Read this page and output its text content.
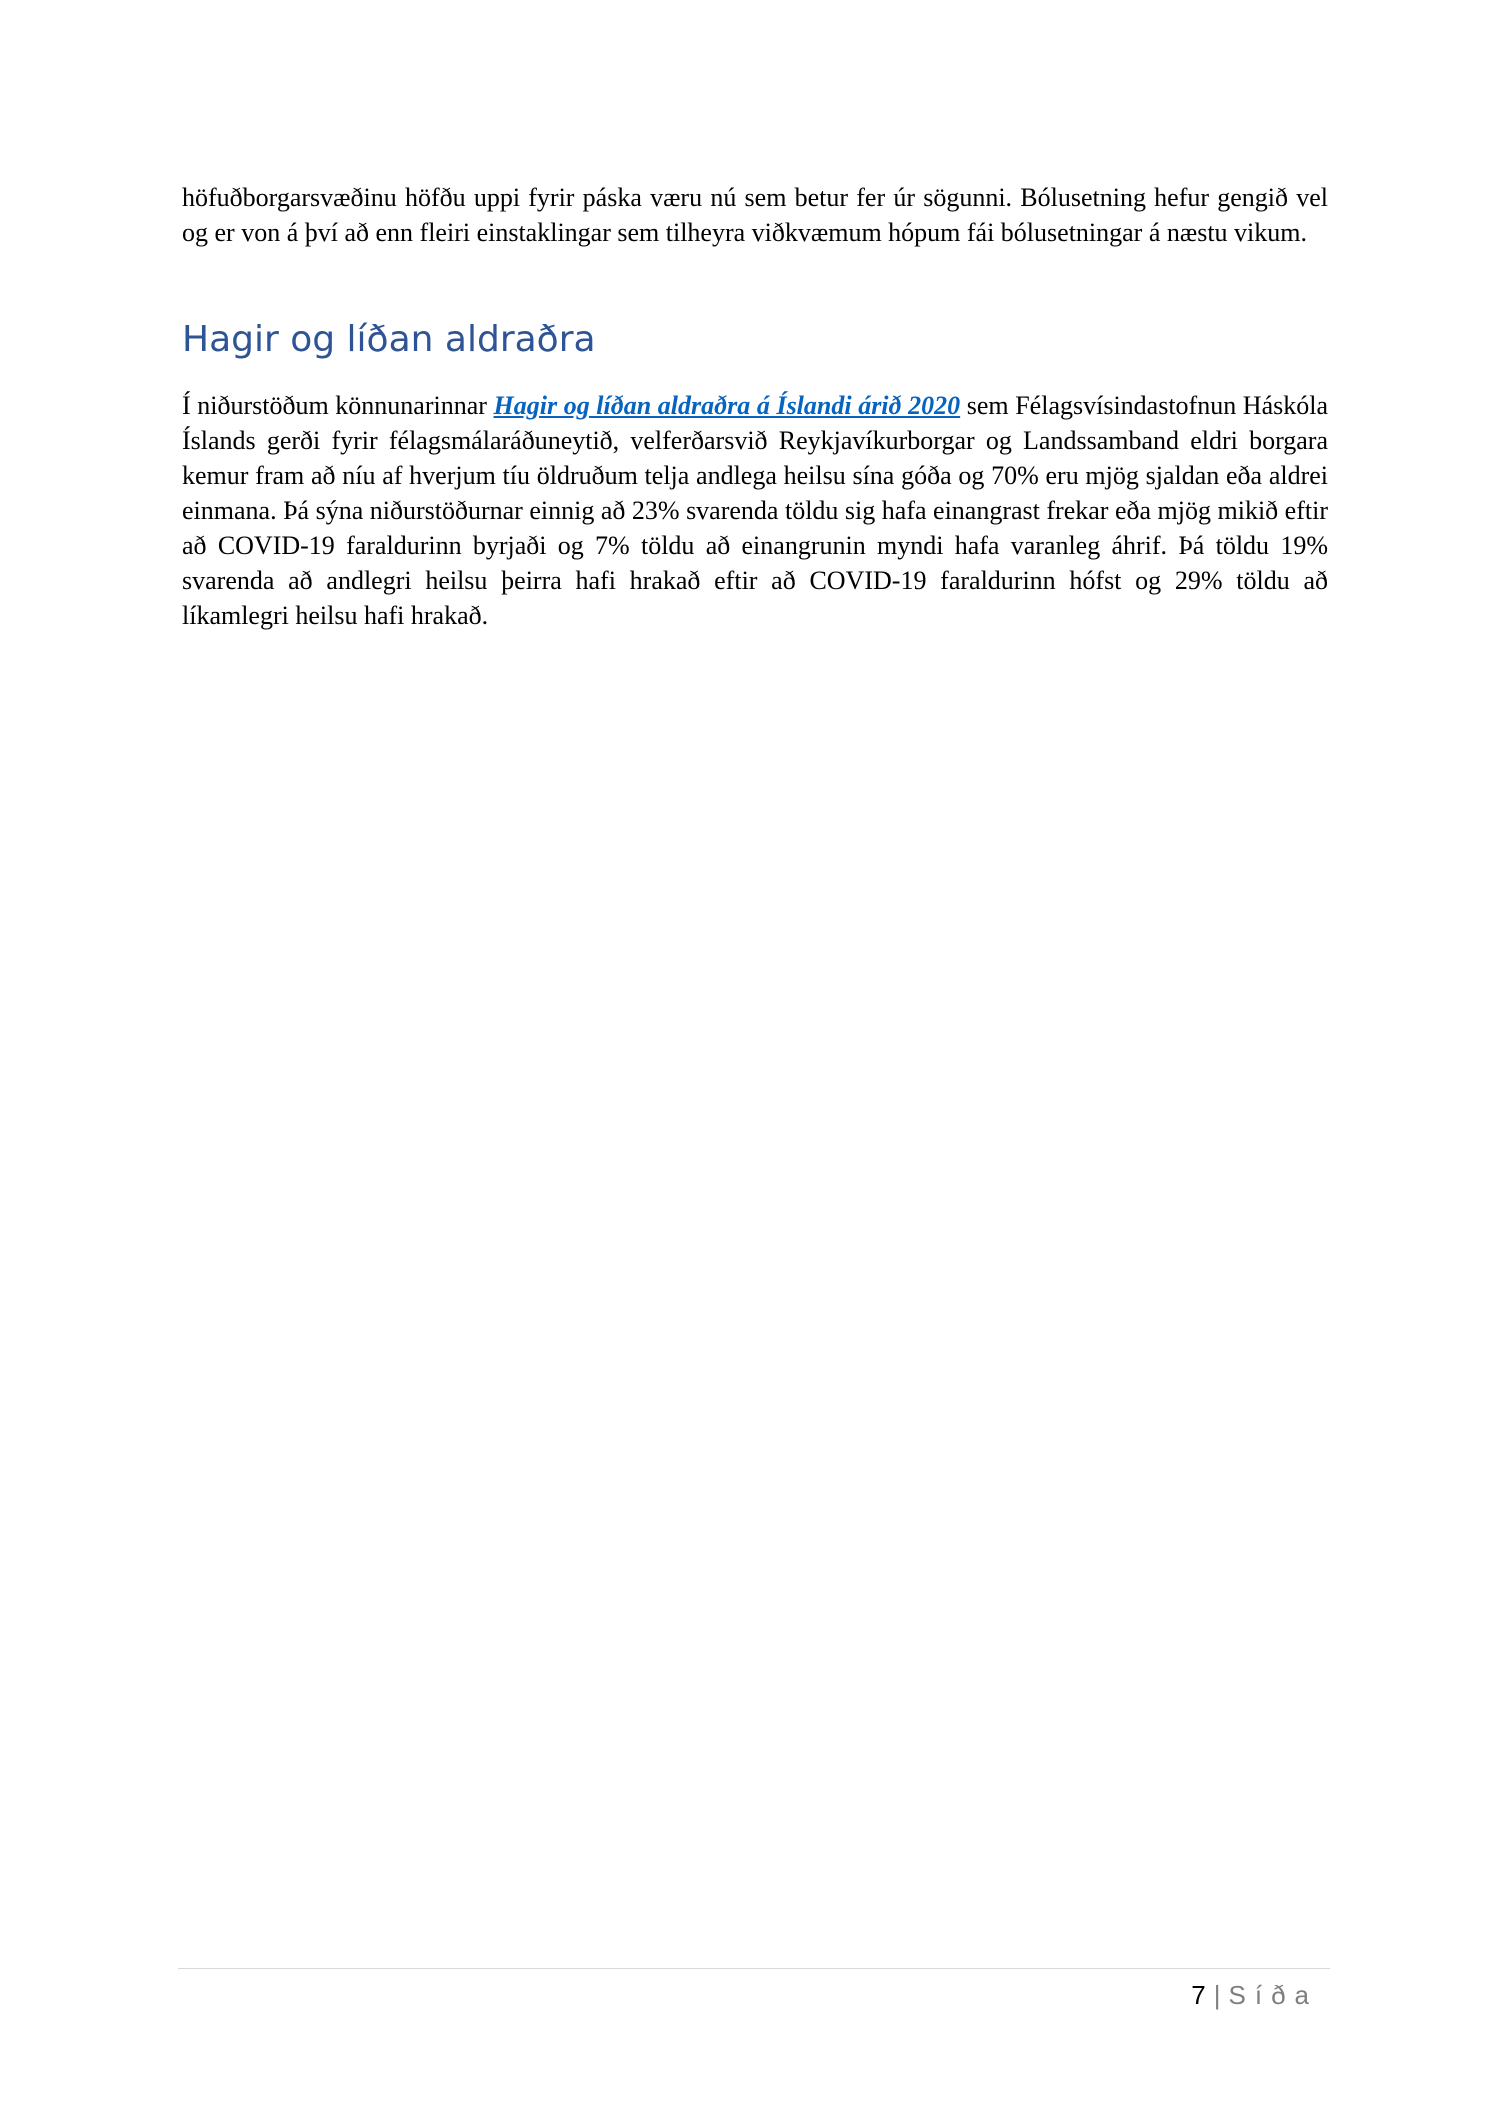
höfuðborgarsvæðinu höfðu uppi fyrir páska væru nú sem betur fer úr sögunni. Bólusetning hefur gengið vel og er von á því að enn fleiri einstaklingar sem tilheyra viðkvæmum hópum fái bólusetningar á næstu vikum.

Hagir og líðan aldraðra

Í niðurstöðum könnunarinnar Hagir og líðan aldraðra á Íslandi árið 2020 sem Félagsvísindastofnun Háskóla Íslands gerði fyrir félagsmálaráðuneytið, velferðarsvið Reykjavíkurborgar og Landssamband eldri borgara kemur fram að níu af hverjum tíu öldruðum telja andlega heilsu sína góða og 70% eru mjög sjaldan eða aldrei einmana. Þá sýna niðurstöðurnar einnig að 23% svarenda töldu sig hafa einangrast frekar eða mjög mikið eftir að COVID-19 faraldurinn byrjaði og 7% töldu að einangrunin myndi hafa varanleg áhrif. Þá töldu 19% svarenda að andlegri heilsu þeirra hafi hrakað eftir að COVID-19 faraldurinn hófst og 29% töldu að líkamlegri heilsu hafi hrakað.

7 | Síða
